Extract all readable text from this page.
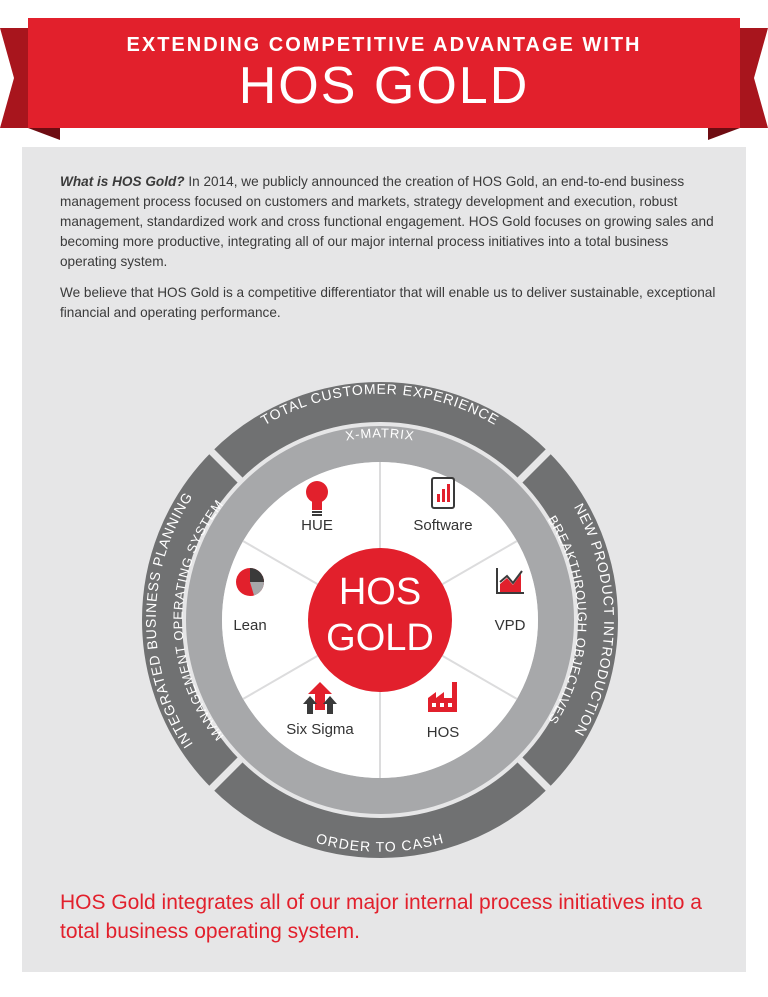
EXTENDING COMPETITIVE ADVANTAGE WITH
HOS GOLD

What is HOS Gold? In 2014, we publicly announced the creation of HOS Gold, an end-to-end business management process focused on customers and markets, strategy development and execution, robust management, standardized work and cross functional engagement. HOS Gold focuses on growing sales and becoming more productive, integrating all of our major internal process initiatives into a total business operating system.

We believe that HOS Gold is a competitive differentiator that will enable us to deliver sustainable, exceptional financial and operating performance.

HOS
GOLD
TOTAL CUSTOMER EXPERIENCE
ORDER TO CASH
INTEGRATED BUSINESS PLANNING
NEW PRODUCT INTRODUCTION
X-MATRIX
MANAGEMENT OPERATING SYSTEM
BREAKTHROUGH OBJECTIVES
HUE	Software
VPD
HOS
Six Sigma
Lean
HOS Gold integrates all of our major internal process initiatives into a total business operating system.
